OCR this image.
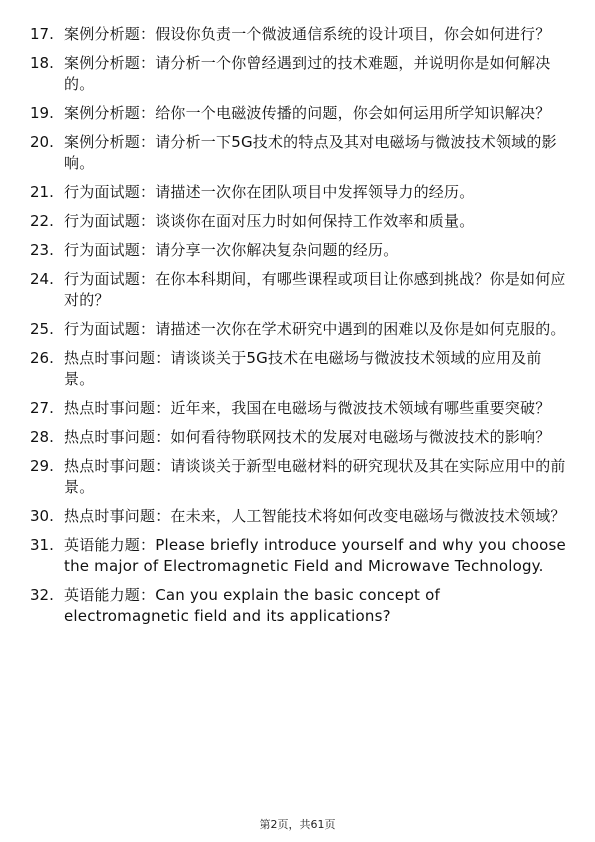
17. 案例分析题：假设你负责一个微波通信系统的设计项目，你会如何进行？
18. 案例分析题：请分析一个你曾经遇到过的技术难题，并说明你是如何解决的。
19. 案例分析题：给你一个电磁波传播的问题，你会如何运用所学知识解决？
20. 案例分析题：请分析一下5G技术的特点及其对电磁场与微波技术领域的影响。
21. 行为面试题：请描述一次你在团队项目中发挥领导力的经历。
22. 行为面试题：谈谈你在面对压力时如何保持工作效率和质量。
23. 行为面试题：请分享一次你解决复杂问题的经历。
24. 行为面试题：在你本科期间，有哪些课程或项目让你感到挑战？你是如何应对的？
25. 行为面试题：请描述一次你在学术研究中遇到的困难以及你是如何克服的。
26. 热点时事问题：请谈谈关于5G技术在电磁场与微波技术领域的应用及前景。
27. 热点时事问题：近年来，我国在电磁场与微波技术领域有哪些重要突破？
28. 热点时事问题：如何看待物联网技术的发展对电磁场与微波技术的影响？
29. 热点时事问题：请谈谈关于新型电磁材料的研究现状及其在实际应用中的前景。
30. 热点时事问题：在未来，人工智能技术将如何改变电磁场与微波技术领域？
31. 英语能力题：Please briefly introduce yourself and why you choose the major of Electromagnetic Field and Microwave Technology.
32. 英语能力题：Can you explain the basic concept of electromagnetic field and its applications?
第2页，共61页
